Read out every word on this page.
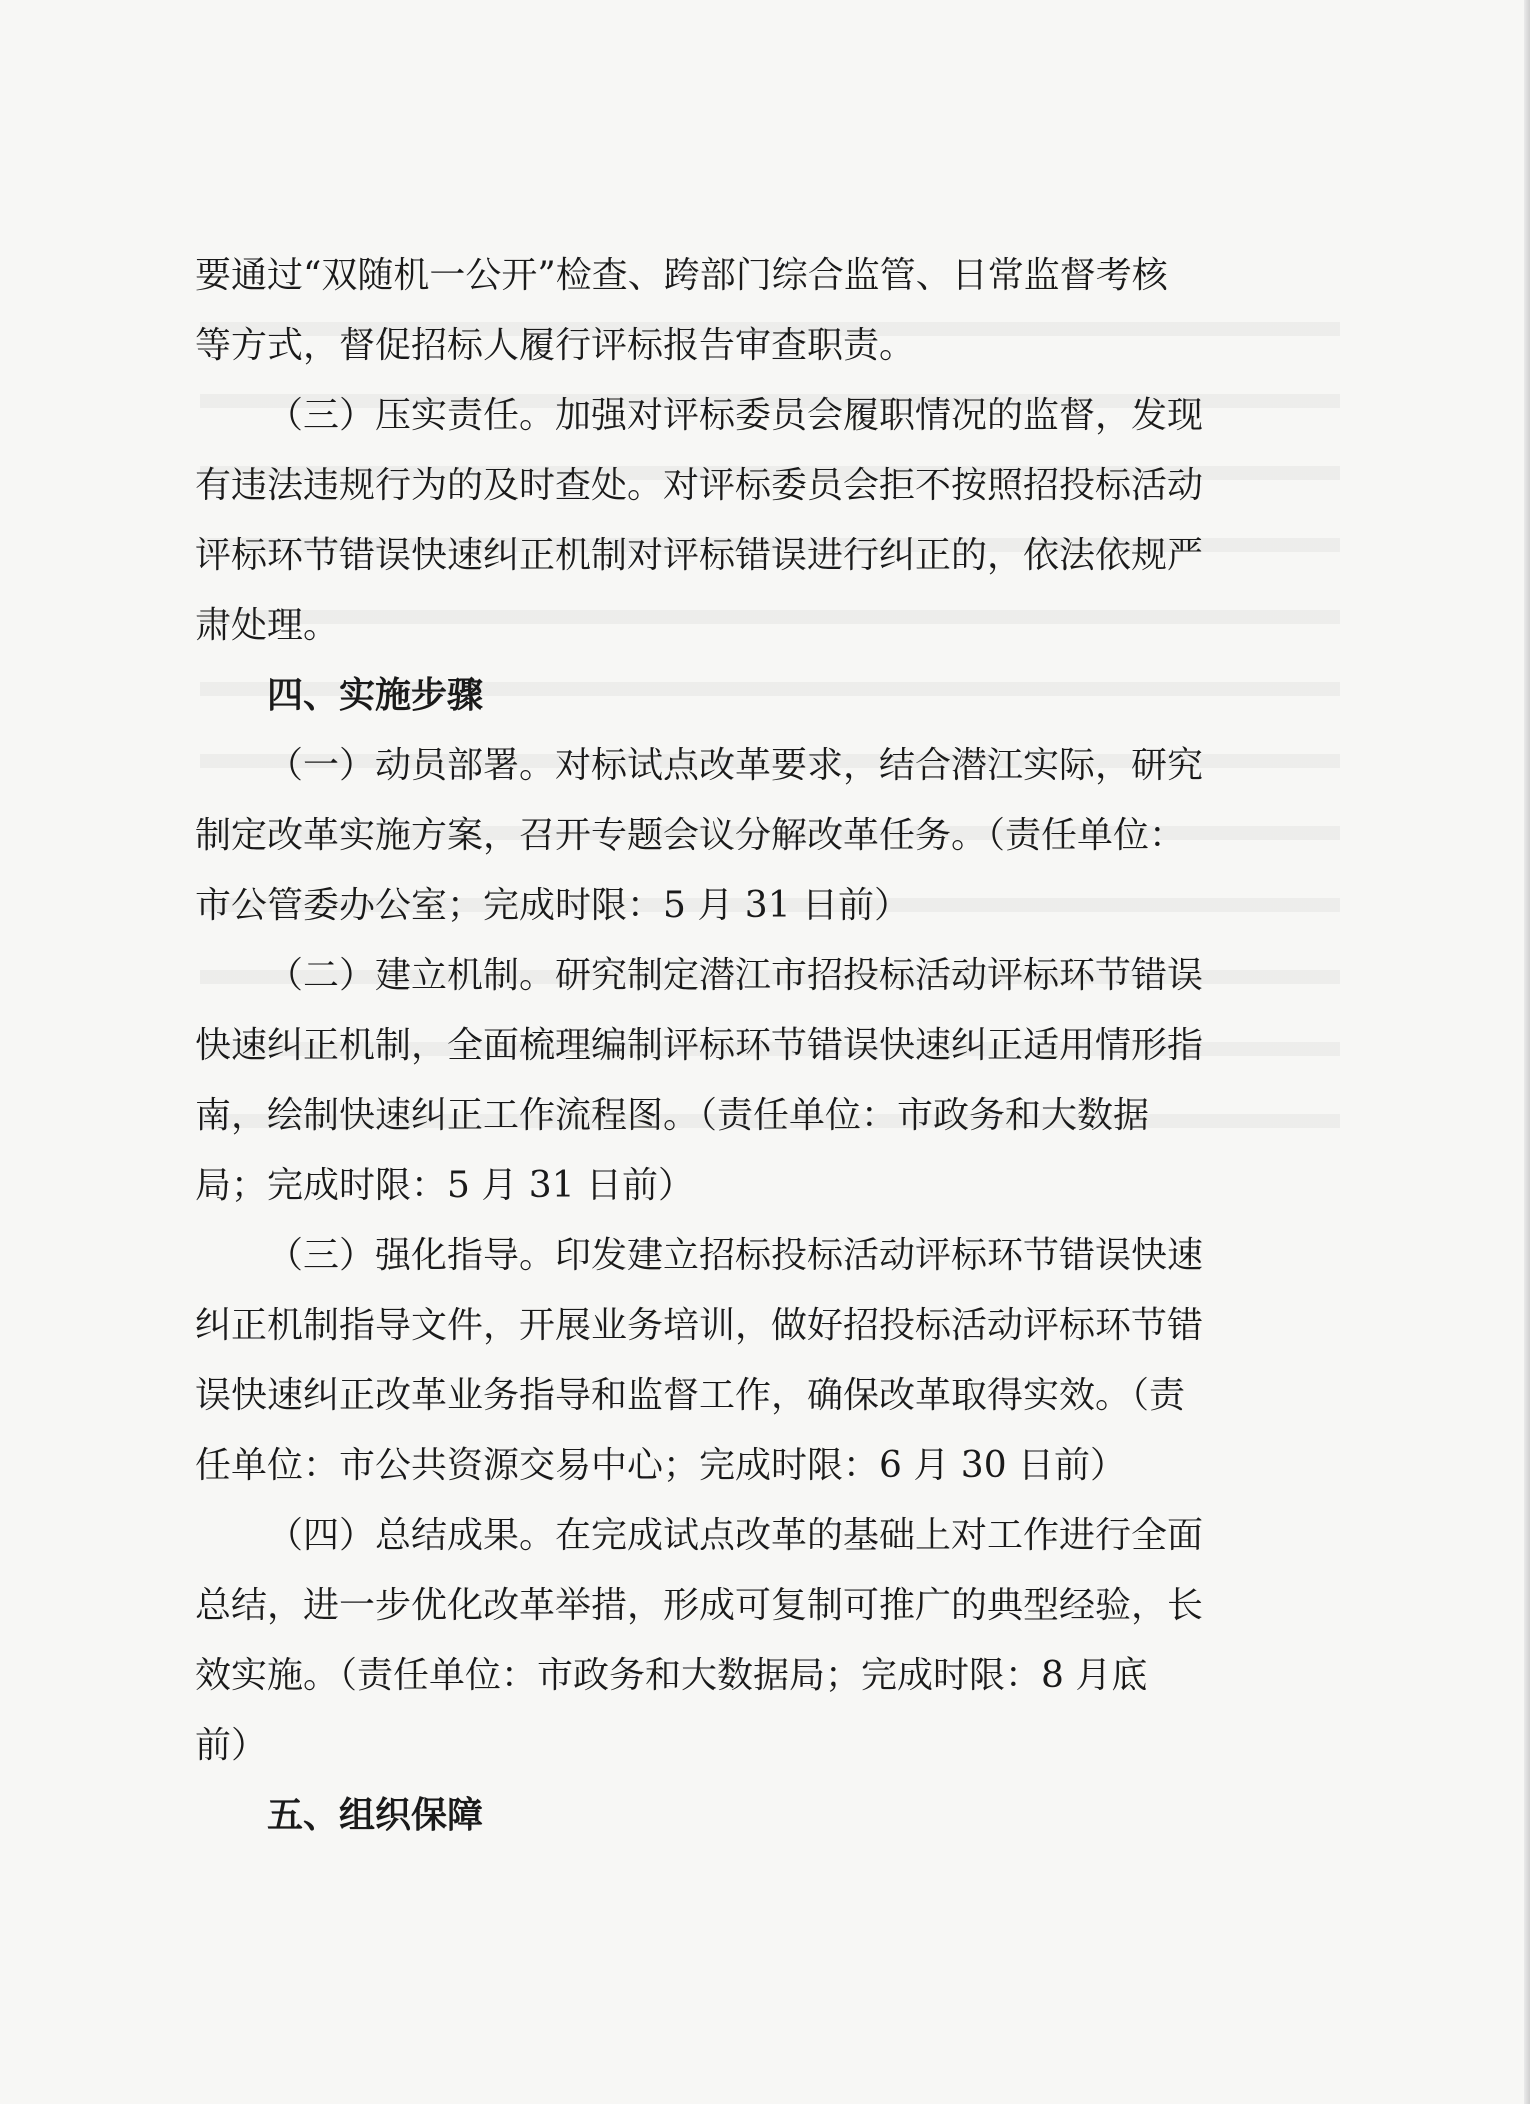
要通过“双随机一公开”检查、跨部门综合监管、日常监督考核
等方式，督促招标人履行评标报告审查职责。
（三）压实责任。加强对评标委员会履职情况的监督，发现
有违法违规行为的及时查处。对评标委员会拒不按照招投标活动
评标环节错误快速纠正机制对评标错误进行纠正的，依法依规严
肃处理。
四、实施步骤
（一）动员部署。对标试点改革要求，结合潜江实际，研究
制定改革实施方案，召开专题会议分解改革任务。（责任单位：
市公管委办公室；完成时限：5 月 31 日前）
（二）建立机制。研究制定潜江市招投标活动评标环节错误
快速纠正机制，全面梳理编制评标环节错误快速纠正适用情形指
南，绘制快速纠正工作流程图。（责任单位：市政务和大数据
局；完成时限：5 月 31 日前）
（三）强化指导。印发建立招标投标活动评标环节错误快速
纠正机制指导文件，开展业务培训，做好招投标活动评标环节错
误快速纠正改革业务指导和监督工作，确保改革取得实效。（责
任单位：市公共资源交易中心；完成时限：6 月 30 日前）
（四）总结成果。在完成试点改革的基础上对工作进行全面
总结，进一步优化改革举措，形成可复制可推广的典型经验，长
效实施。（责任单位：市政务和大数据局；完成时限：8 月底
前）
五、组织保障
